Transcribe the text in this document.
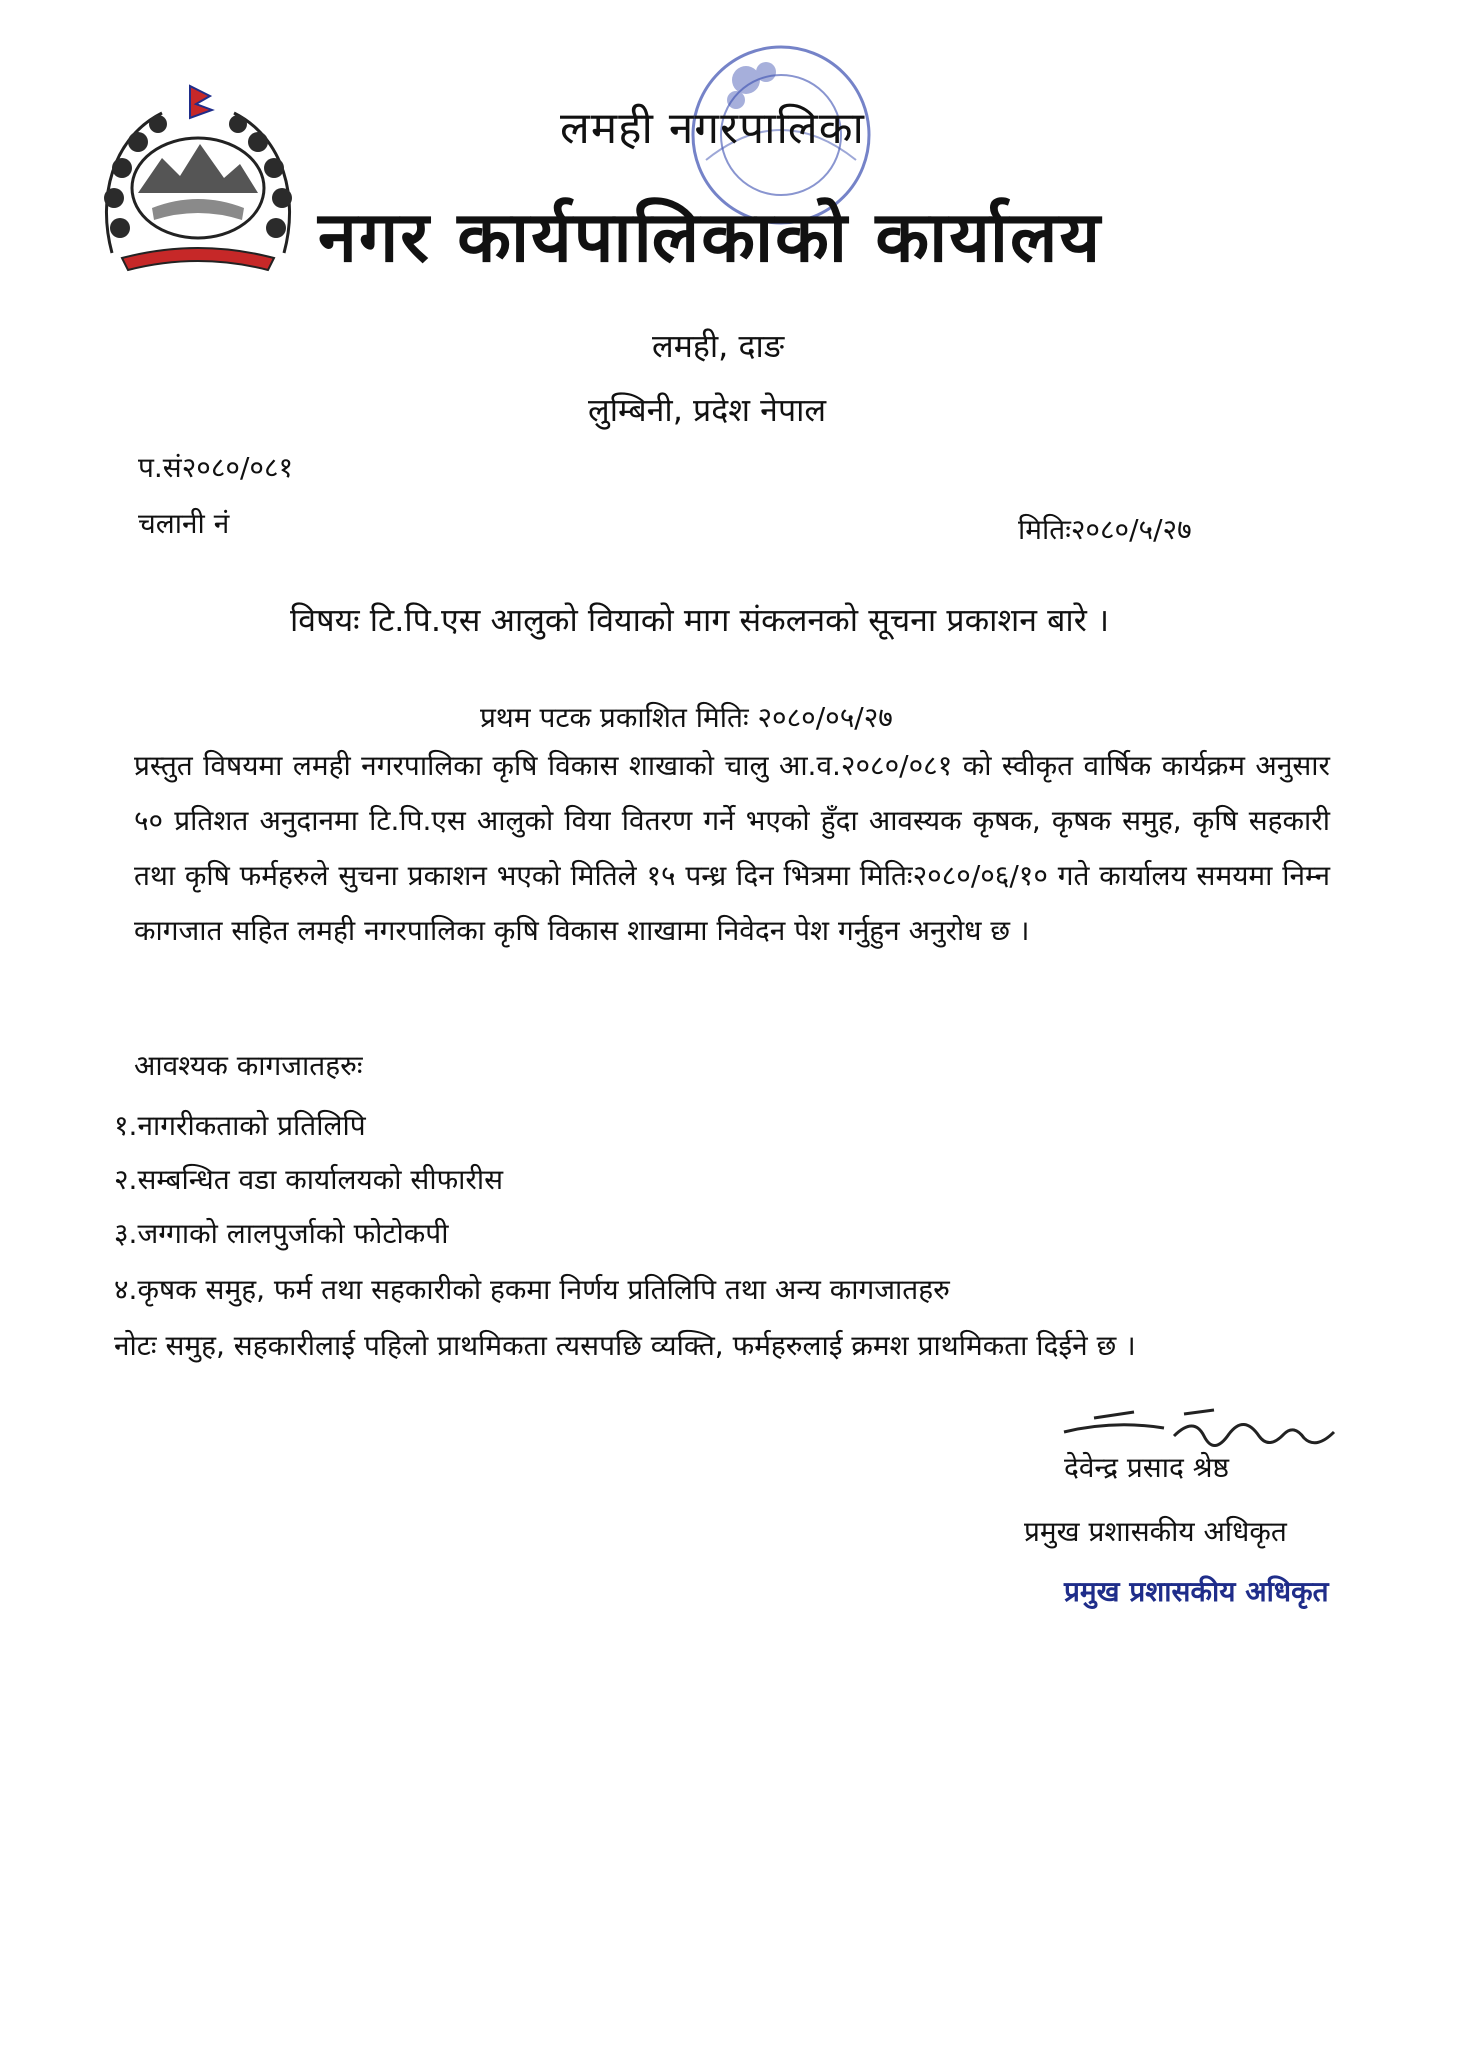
लमही नगरपालिका
नगर कार्यपालिकाको कार्यालय
लमही, दाङ
लुम्बिनी, प्रदेश नेपाल
प.सं२०८०/०८१
चलानी नं	मितिः२०८०/५/२७
विषयः टि.पि.एस आलुको वियाको माग संकलनको सूचना प्रकाशन बारे ।
प्रथम पटक प्रकाशित मितिः २०८०/०५/२७
प्रस्तुत विषयमा लमही नगरपालिका कृषि विकास शाखाको चालु आ.व.२०८०/०८१ को स्वीकृत वार्षिक कार्यक्रम अनुसार ५० प्रतिशत अनुदानमा टि.पि.एस आलुको विया वितरण गर्ने भएको हुँदा आवस्यक कृषक, कृषक समुह, कृषि सहकारी तथा कृषि फर्महरुले सुचना प्रकाशन भएको मितिले १५ पन्ध्र दिन भित्रमा मितिः२०८०/०६/१० गते कार्यालय समयमा निम्न कागजात सहित लमही नगरपालिका कृषि विकास शाखामा निवेदन पेश गर्नुहुन अनुरोध छ ।
आवश्यक कागजातहरुः
१.नागरीकताको प्रतिलिपि
२.सम्बन्धित वडा कार्यालयको सीफारीस
३.जग्गाको लालपुर्जाको फोटोकपी
४.कृषक समुह, फर्म तथा सहकारीको हकमा निर्णय प्रतिलिपि तथा अन्य कागजातहरु
नोटः समुह, सहकारीलाई पहिलो प्राथमिकता त्यसपछि व्यक्ति, फर्महरुलाई क्रमश प्राथमिकता दिईने छ ।
देवेन्द्र प्रसाद श्रेष्ठ
प्रमुख प्रशासकीय अधिकृत
प्रमुख प्रशासकीय अधिकृत
